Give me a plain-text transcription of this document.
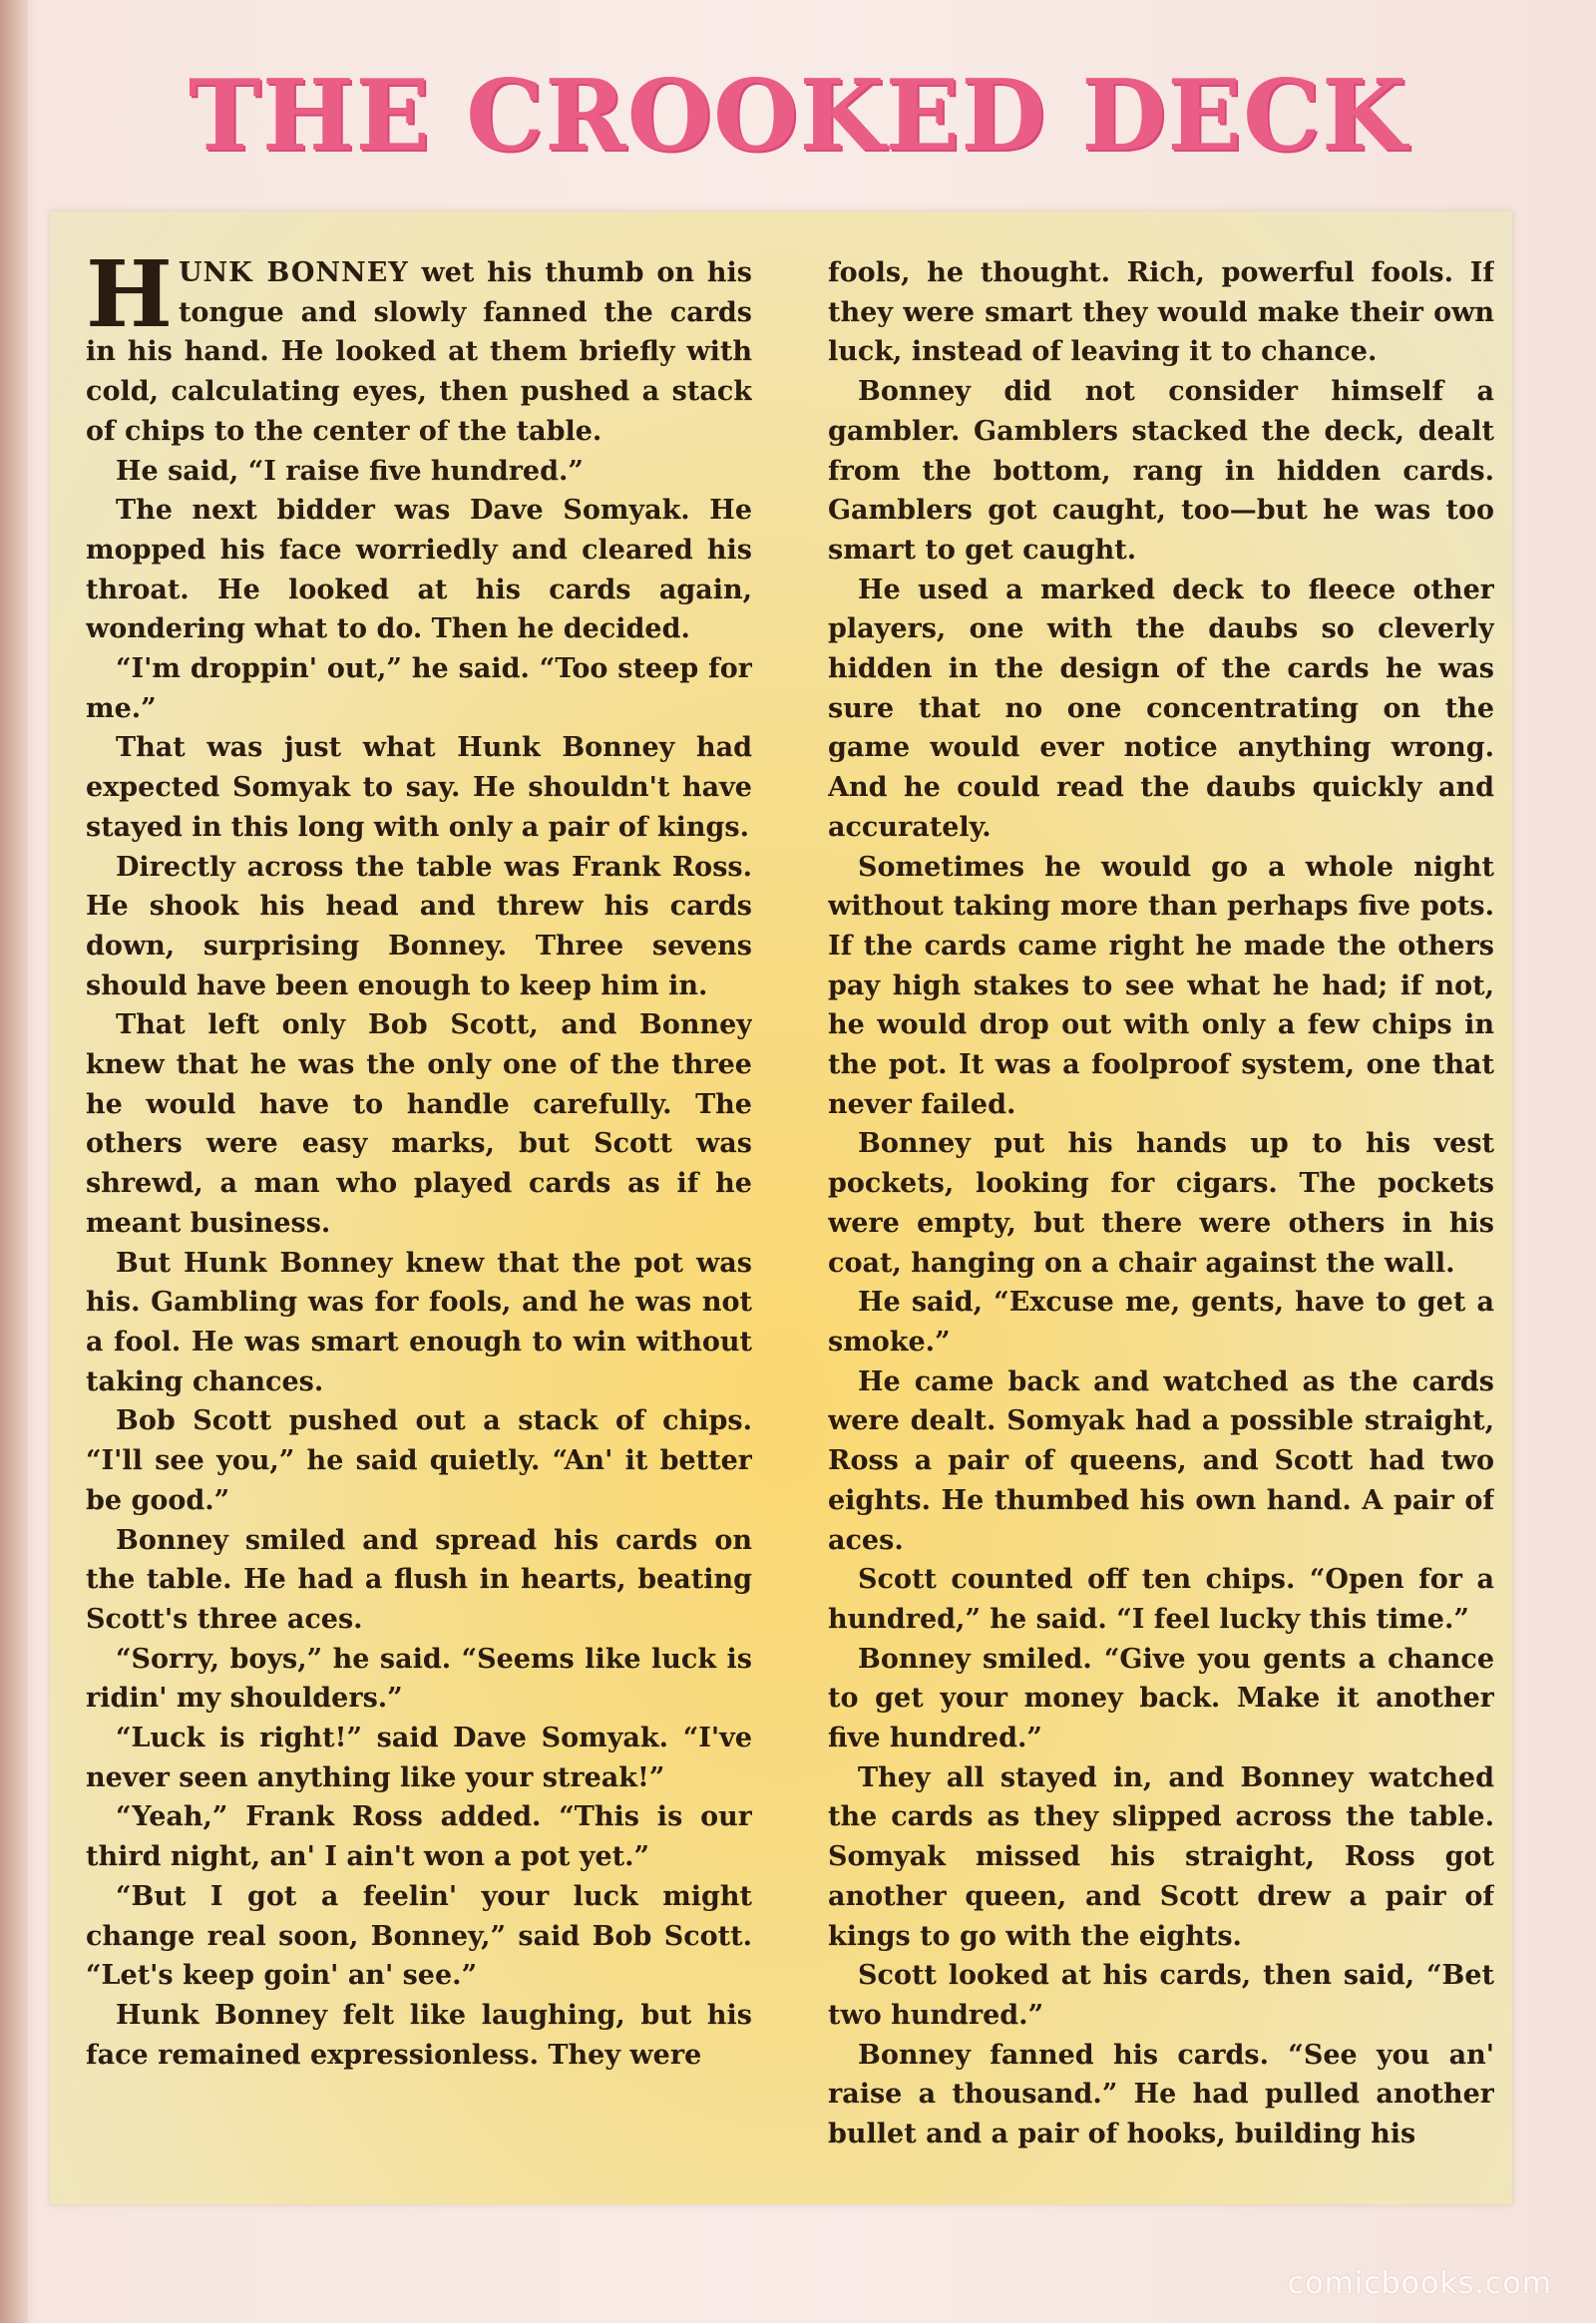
THE CROOKED DECK

HUNK BONNEY wet his thumb on his tongue and slowly fanned the cards in his hand. He looked at them briefly with cold, calculating eyes, then pushed a stack of chips to the center of the table.

He said, “I raise five hundred.”

The next bidder was Dave Somyak. He mopped his face worriedly and cleared his throat. He looked at his cards again, wondering what to do. Then he decided.

“I'm droppin' out,” he said. “Too steep for me.”

That was just what Hunk Bonney had expected Somyak to say. He shouldn't have stayed in this long with only a pair of kings.

Directly across the table was Frank Ross. He shook his head and threw his cards down, surprising Bonney. Three sevens should have been enough to keep him in.

That left only Bob Scott, and Bonney knew that he was the only one of the three he would have to handle carefully. The others were easy marks, but Scott was shrewd, a man who played cards as if he meant business.

But Hunk Bonney knew that the pot was his. Gambling was for fools, and he was not a fool. He was smart enough to win without taking chances.

Bob Scott pushed out a stack of chips. “I'll see you,” he said quietly. “An' it better be good.”

Bonney smiled and spread his cards on the table. He had a flush in hearts, beating Scott's three aces.

“Sorry, boys,” he said. “Seems like luck is ridin' my shoulders.”

“Luck is right!” said Dave Somyak. “I've never seen anything like your streak!”

“Yeah,” Frank Ross added. “This is our third night, an' I ain't won a pot yet.”

“But I got a feelin' your luck might change real soon, Bonney,” said Bob Scott. “Let's keep goin' an' see.”

Hunk Bonney felt like laughing, but his face remained expressionless. They were

fools, he thought. Rich, powerful fools. If they were smart they would make their own luck, instead of leaving it to chance.

Bonney did not consider himself a gambler. Gamblers stacked the deck, dealt from the bottom, rang in hidden cards. Gamblers got caught, too—but he was too smart to get caught.

He used a marked deck to fleece other players, one with the daubs so cleverly hidden in the design of the cards he was sure that no one concentrating on the game would ever notice anything wrong. And he could read the daubs quickly and accurately.

Sometimes he would go a whole night without taking more than perhaps five pots. If the cards came right he made the others pay high stakes to see what he had; if not, he would drop out with only a few chips in the pot. It was a foolproof system, one that never failed.

Bonney put his hands up to his vest pockets, looking for cigars. The pockets were empty, but there were others in his coat, hanging on a chair against the wall.

He said, “Excuse me, gents, have to get a smoke.”

He came back and watched as the cards were dealt. Somyak had a possible straight, Ross a pair of queens, and Scott had two eights. He thumbed his own hand. A pair of aces.

Scott counted off ten chips. “Open for a hundred,” he said. “I feel lucky this time.”

Bonney smiled. “Give you gents a chance to get your money back. Make it another five hundred.”

They all stayed in, and Bonney watched the cards as they slipped across the table. Somyak missed his straight, Ross got another queen, and Scott drew a pair of kings to go with the eights.

Scott looked at his cards, then said, “Bet two hundred.”

Bonney fanned his cards. “See you an' raise a thousand.” He had pulled another bullet and a pair of hooks, building his

comicbooks.com
